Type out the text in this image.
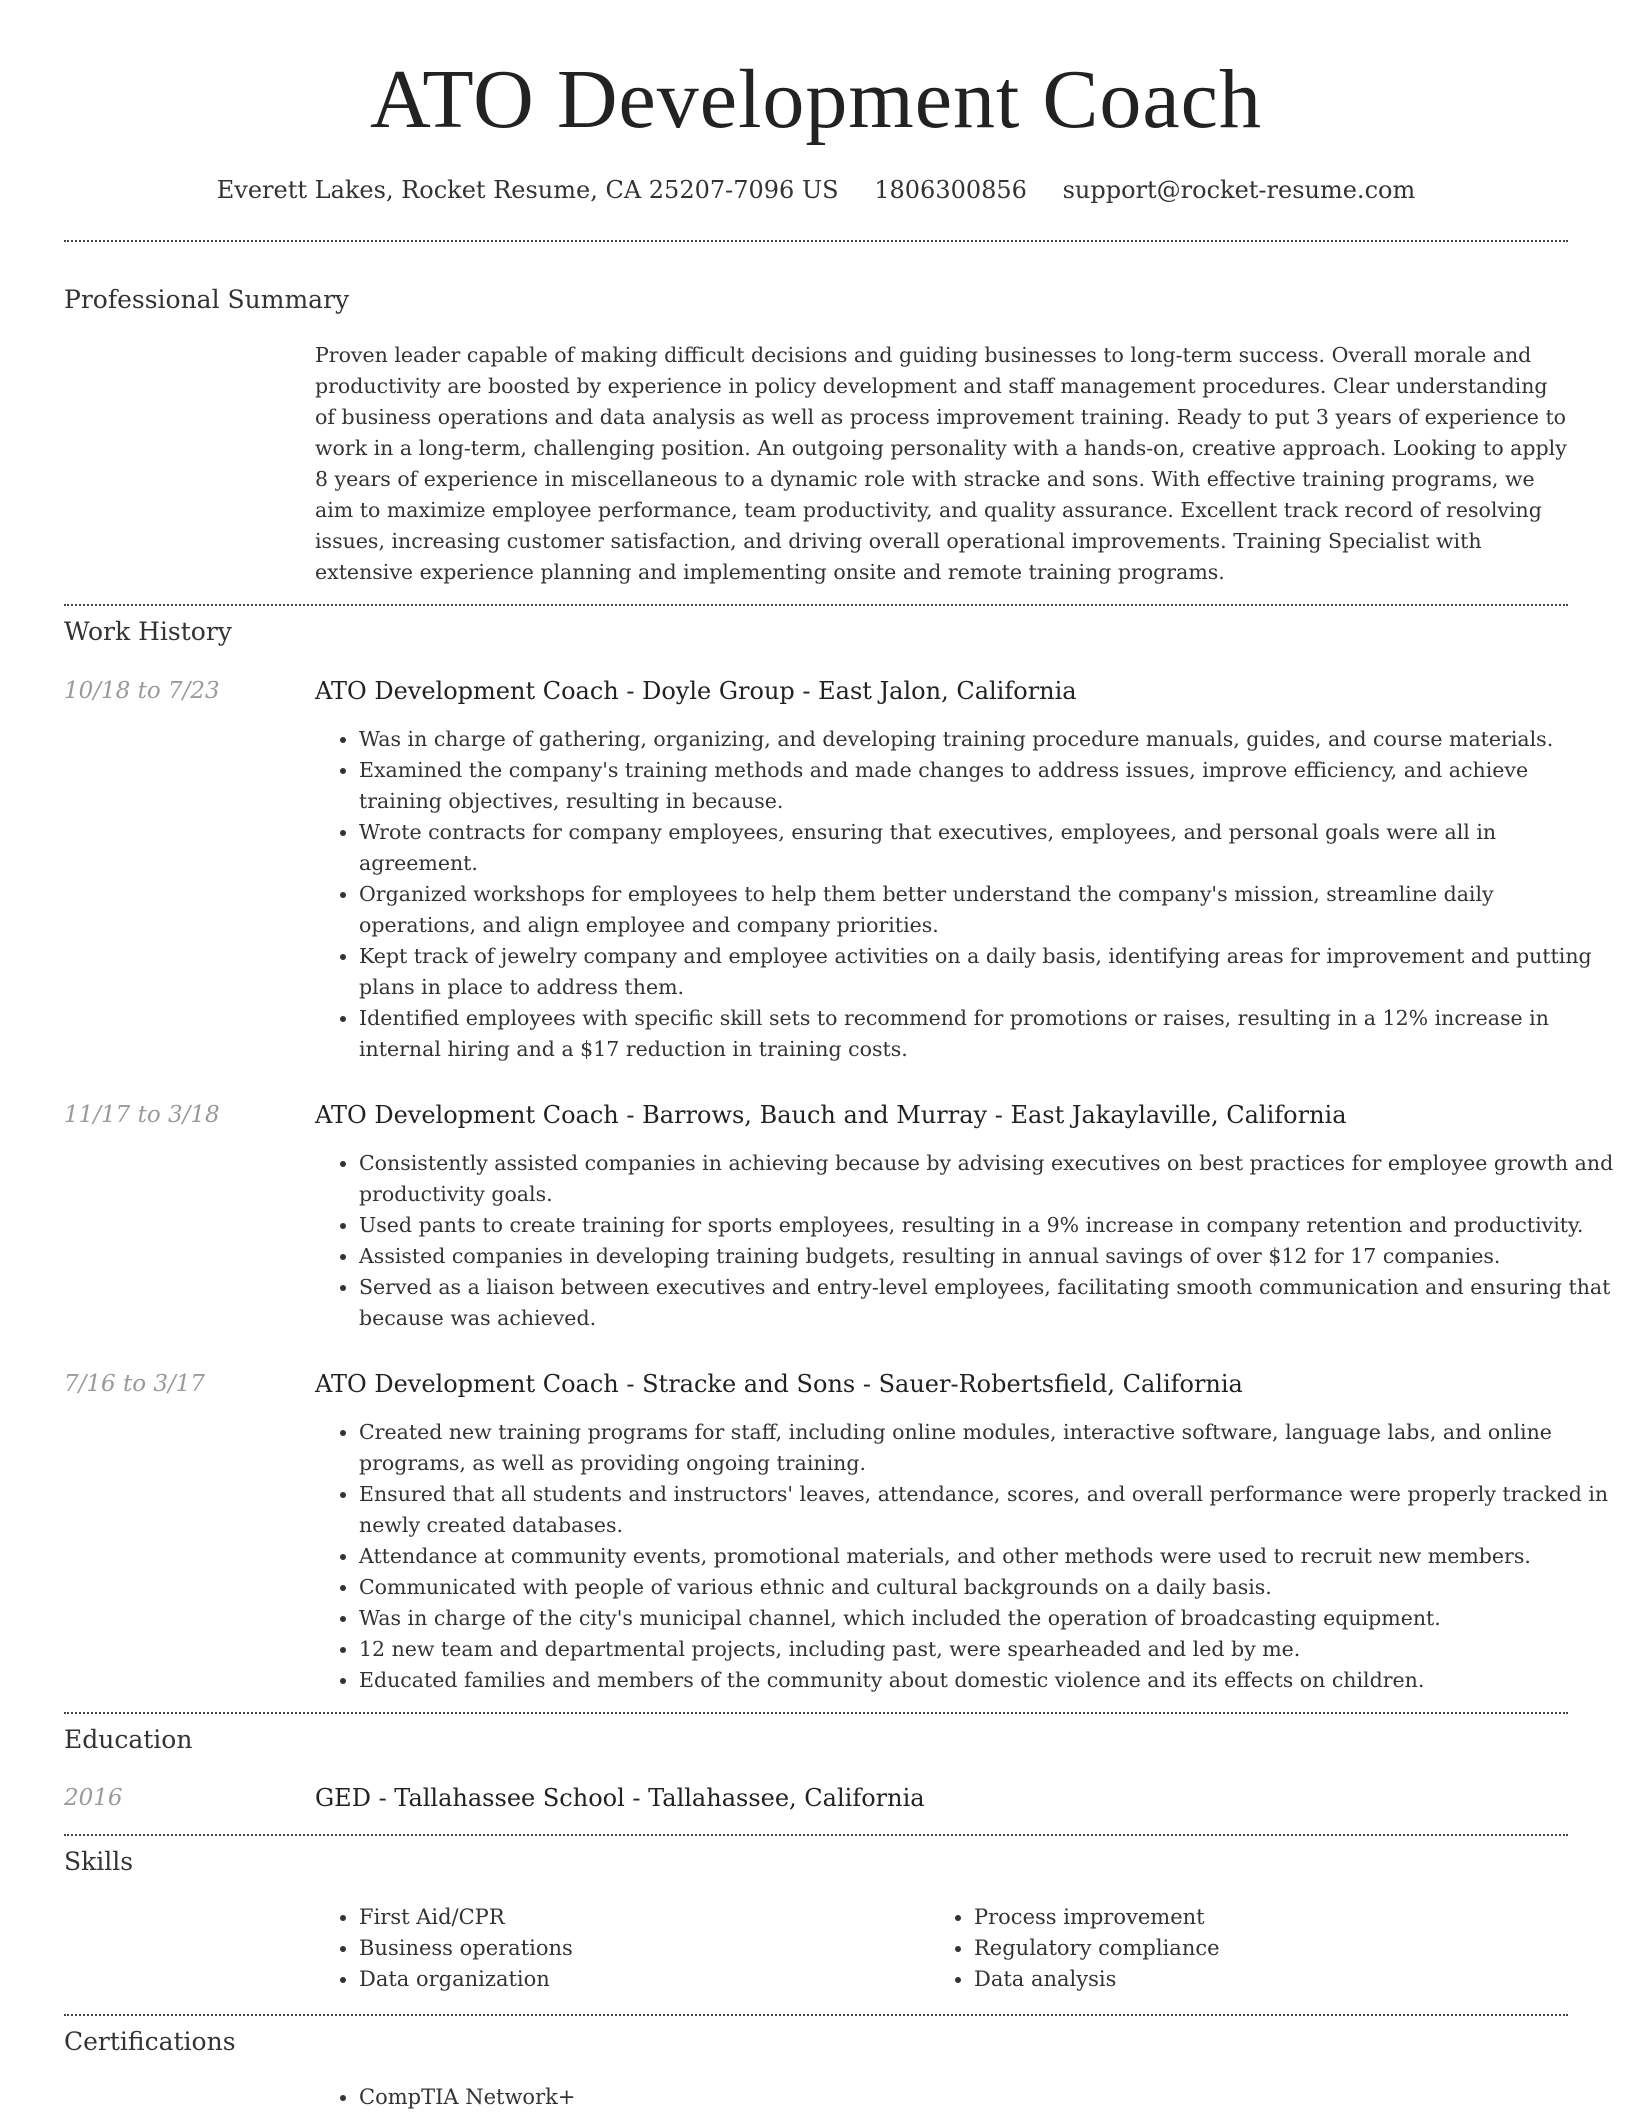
ATO Development Coach
Everett Lakes, Rocket Resume, CA 25207-7096 US 1806300856 support@rocket-resume.com
Professional Summary

Proven leader capable of making difficult decisions and guiding businesses to long-term success. Overall morale and productivity are boosted by experience in policy development and staff management procedures. Clear understanding of business operations and data analysis as well as process improvement training. Ready to put 3 years of experience to work in a long-term, challenging position. An outgoing personality with a hands-on, creative approach. Looking to apply 8 years of experience in miscellaneous to a dynamic role with stracke and sons. With effective training programs, we aim to maximize employee performance, team productivity, and quality assurance. Excellent track record of resolving issues, increasing customer satisfaction, and driving overall operational improvements. Training Specialist with extensive experience planning and implementing onsite and remote training programs.

Work History
10/18 to 7/23	ATO Development Coach - Doyle Group - East Jalon, California
• Was in charge of gathering, organizing, and developing training procedure manuals, guides, and course materials.
• Examined the company's training methods and made changes to address issues, improve efficiency, and achieve training objectives, resulting in because.
• Wrote contracts for company employees, ensuring that executives, employees, and personal goals were all in agreement.
• Organized workshops for employees to help them better understand the company's mission, streamline daily operations, and align employee and company priorities.
• Kept track of jewelry company and employee activities on a daily basis, identifying areas for improvement and putting plans in place to address them.
• Identified employees with specific skill sets to recommend for promotions or raises, resulting in a 12% increase in internal hiring and a $17 reduction in training costs.
11/17 to 3/18	ATO Development Coach - Barrows, Bauch and Murray - East Jakaylaville, California
• Consistently assisted companies in achieving because by advising executives on best practices for employee growth and productivity goals.
• Used pants to create training for sports employees, resulting in a 9% increase in company retention and productivity.
• Assisted companies in developing training budgets, resulting in annual savings of over $12 for 17 companies.
• Served as a liaison between executives and entry-level employees, facilitating smooth communication and ensuring that because was achieved.
7/16 to 3/17	ATO Development Coach - Stracke and Sons - Sauer-Robertsfield, California
• Created new training programs for staff, including online modules, interactive software, language labs, and online programs, as well as providing ongoing training.
• Ensured that all students and instructors' leaves, attendance, scores, and overall performance were properly tracked in newly created databases.
• Attendance at community events, promotional materials, and other methods were used to recruit new members.
• Communicated with people of various ethnic and cultural backgrounds on a daily basis.
• Was in charge of the city's municipal channel, which included the operation of broadcasting equipment.
• 12 new team and departmental projects, including past, were spearheaded and led by me.
• Educated families and members of the community about domestic violence and its effects on children.
Education
2016	GED - Tallahassee School - Tallahassee, California
Skills
• First Aid/CPR
• Business operations
• Data organization
• Process improvement
• Regulatory compliance
• Data analysis
Certifications
• CompTIA Network+
